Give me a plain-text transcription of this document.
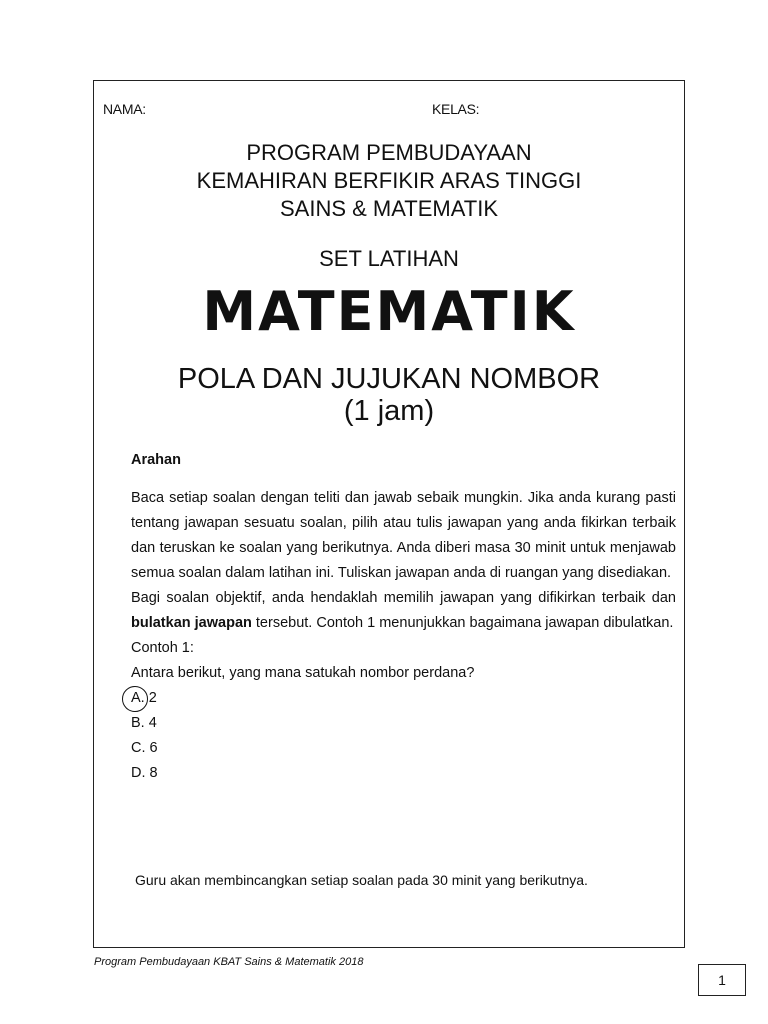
NAMA:	KELAS:
PROGRAM PEMBUDAYAAN
KEMAHIRAN BERFIKIR ARAS TINGGI
SAINS & MATEMATIK
SET LATIHAN
MATEMATIK
POLA DAN JUJUKAN NOMBOR
(1 jam)

Arahan

Baca setiap soalan dengan teliti dan jawab sebaik mungkin. Jika anda kurang pasti tentang jawapan sesuatu soalan, pilih atau tulis jawapan yang anda fikirkan terbaik dan teruskan ke soalan yang berikutnya. Anda diberi masa 30 minit untuk menjawab semua soalan dalam latihan ini. Tuliskan jawapan anda di ruangan yang disediakan.

Bagi soalan objektif, anda hendaklah memilih jawapan yang difikirkan terbaik dan bulatkan jawapan tersebut. Contoh 1 menunjukkan bagaimana jawapan dibulatkan.

Contoh 1:

Antara berikut, yang mana satukah nombor perdana?

A. 2

B. 4

C. 6

D. 8

Guru akan membincangkan setiap soalan pada 30 minit yang berikutnya.
Program Pembudayaan KBAT Sains & Matematik 2018
1
